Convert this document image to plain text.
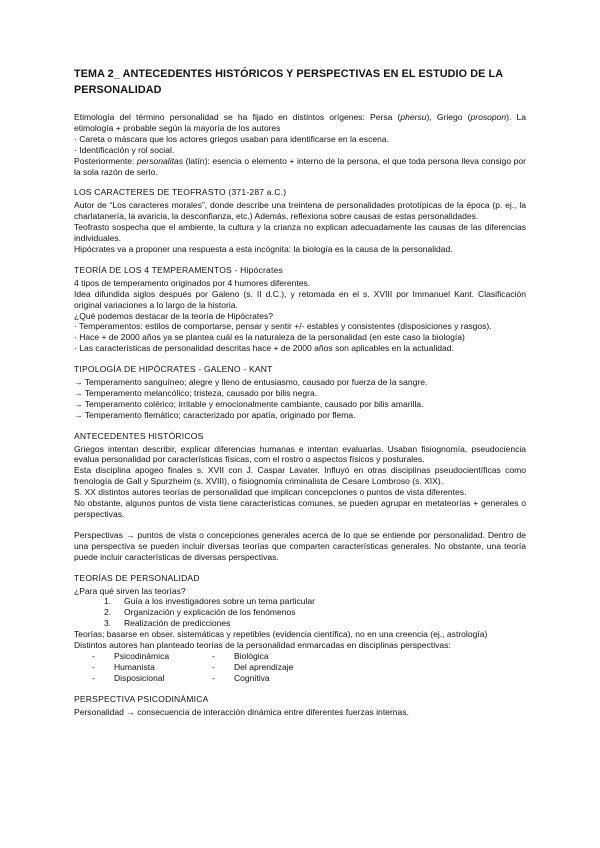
TEMA 2_ ANTECEDENTES HISTÓRICOS Y PERSPECTIVAS EN EL ESTUDIO DE LA PERSONALIDAD

Etimología del término personalidad se ha fijado en distintos orígenes: Persa (phersu), Griego (prosopon). La etimología + probable según la mayoría de los autores

· Careta o máscara que los actores griegos usaban para identificarse en la escena.

· Identificación y rol social.

Posteriormente: personalitas (latín): esencia o elemento + interno de la persona, el que toda persona lleva consigo por la sola razón de serlo.

LOS CARACTERES DE TEOFRASTO (371-287 a.C.)

Autor de “Los caracteres morales”, donde describe una treintena de personalidades prototípicas de la época (p. ej., la charlatanería, la avaricia, la desconfianza, etc.) Además, reflexiona sobre causas de estas personalidades.

Teofrasto sospecha que el ambiente, la cultura y la crianza no explican adecuadamente las causas de las diferencias individuales.

Hipócrates va a proponer una respuesta a esta incógnita: la biología es la causa de la personalidad.

TEORÍA DE LOS 4 TEMPERAMENTOS - Hipócrates

4 tipos de temperamento originados por 4 humores diferentes.

Idea difundida siglos después por Galeno (s. II d.C.), y retomada en el s. XVIII por Immanuel Kant. Clasificación original variaciones a lo largo de la historia.

¿Qué podemos destacar de la teoría de Hipócrates?

· Temperamentos: estilos de comportarse, pensar y sentir +/- estables y consistentes (disposiciones y rasgos).

· Hace + de 2000 años ya se plantea cuál es la naturaleza de la personalidad (en este caso la biología)

· Las características de personalidad descritas hace + de 2000 años son aplicables en la actualidad.

TIPOLOGÍA DE HIPÓCRATES - GALENO - KANT

→ Temperamento sanguíneo; alegre y lleno de entusiasmo, causado por fuerza de la sangre.

→ Temperamento melancólico; tristeza, causado por bilis negra.

→ Temperamento colérico; irritable y emocionalmente cambiante, causado por bilis amarilla.

→ Temperamento flemático; caracterizado por apatía, originado por flema.

ANTECEDENTES HISTÓRICOS

Griegos intentan describir, explicar diferencias humanas e intentan evaluarlas. Usaban fisiognomía, pseudociencia evalua personalidad por características físicas, com el rostro o aspectos físicos y posturales.

Esta disciplina apogeo finales s. XVII con J. Caspar Lavater. Influyó en otras disciplinas pseudocientíficas como frenología de Gall y Spurzheim (s. XVIII), o fisiognomía criminalista de Cesare Lombroso (s. XIX).

S. XX distintos autores teorías de personalidad que implican concepciones o puntos de vista diferentes.

No obstante, algunos puntos de vista tiene características comunes, se pueden agrupar en metateorías + generales o perspectivas.

Perspectivas → puntos de vista o concepciones generales acerca de lo que se entiende por personalidad. Dentro de una perspectiva se pueden incluir diversas teorías que comparten características generales. No obstante, una teoría puede incluir características de diversas perspectivas.

TEORÍAS DE PERSONALIDAD

¿Para qué sirven las teorías?

1. Guía a los investigadores sobre un tema particular
2. Organización y explicación de los fenómenos
3. Realización de predicciones

Teorías; basarse en obser. sistemáticas y repetibles (evidencia científica), no en una creencia (ej., astrología)

Distintos autores han planteado teorías de la personalidad enmarcadas en disciplinas perspectivas:

- Psicodinámica	- Biológica
- Humanista	- Del aprendizaje
- Disposicional	- Cognitiva

PERSPECTIVA PSICODINÁMICA

Personalidad → consecuencia de interacción dinámica entre diferentes fuerzas internas.
